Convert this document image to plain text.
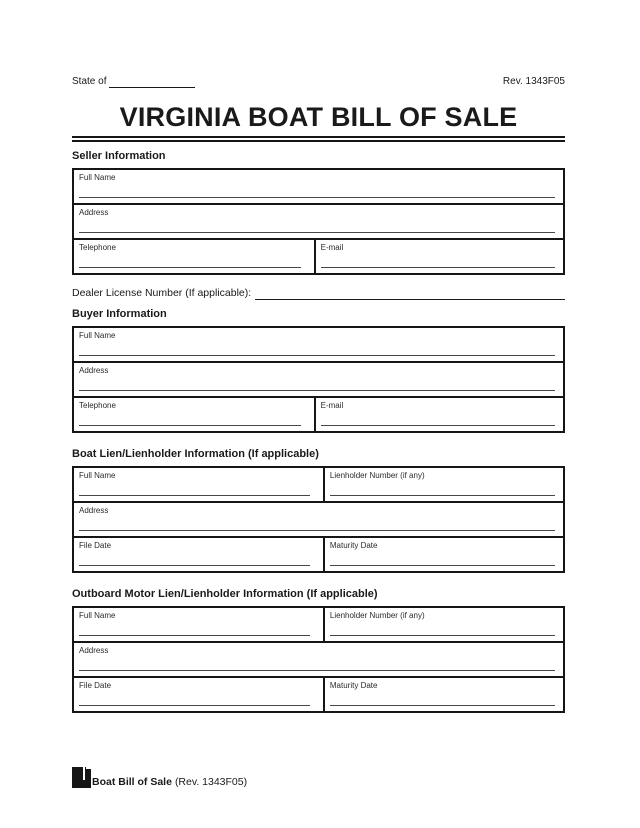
State of	Rev. 1343F05
VIRGINIA BOAT BILL OF SALE
Seller Information
Full Name
Address
Telephone	E-mail
Dealer License Number (If applicable):
Buyer Information
Full Name
Address
Telephone	E-mail
Boat Lien/Lienholder Information (If applicable)
Full Name	Lienholder Number (if any)
Address
File Date	Maturity Date
Outboard Motor Lien/Lienholder Information (If applicable)
Full Name	Lienholder Number (if any)
Address
File Date	Maturity Date
Boat Bill of Sale (Rev. 1343F05)
